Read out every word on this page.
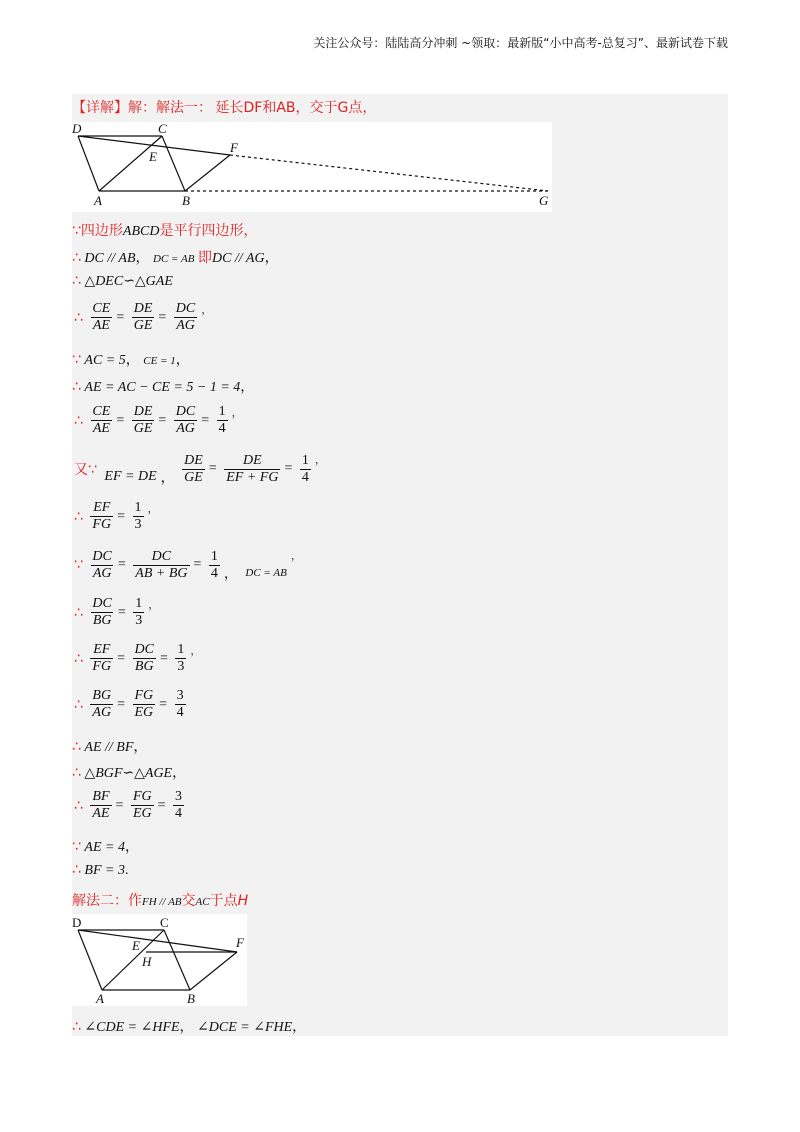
关注公众号：陆陆高分冲刺 ~领取：最新版“小中高考-总复习”、最新试卷下载
【详解】解：解法一： 延长DF和AB，交于G点，
D	C
E
F
A	B	G
∵四边形ABCD是平行四边形，
∴ DC // AB， DC = AB 即DC // AG，
∴ △DEC∽△GAE
∴ $\frac{CE}{AE} = \frac{DE}{GE} = \frac{DC}{AG}$ ，
∵ AC = 5， CE = 1，
∴ AE = AC − CE = 5 − 1 = 4，
∴ $\frac{CE}{AE} = \frac{DE}{GE} = \frac{DC}{AG} = \frac{1}{4}$ ，
又∵ EF = DE ， $\frac{DE}{GE} = \frac{DE}{EF + FG} = \frac{1}{4}$ ，
∴ $\frac{EF}{FG} = \frac{1}{3}$ ，
∵ $\frac{DC}{AG} = \frac{DC}{AB + BG} = \frac{1}{4}$ ， DC = AB，
∴ $\frac{DC}{BG} = \frac{1}{3}$ ，
∴ $\frac{EF}{FG} = \frac{DC}{BG} = \frac{1}{3}$ ，
∴ $\frac{BG}{AG} = \frac{FG}{EG} = \frac{3}{4}$
∴ AE // BF，
∴ △BGF∽△AGE，
∴ $\frac{BF}{AE} = \frac{FG}{EG} = \frac{3}{4}$
∵ AE = 4，
∴ BF = 3.
解法二：作FH // AB交AC于点H
D	C
E	F
H
A	B
∴ ∠CDE = ∠HFE， ∠DCE = ∠FHE，
